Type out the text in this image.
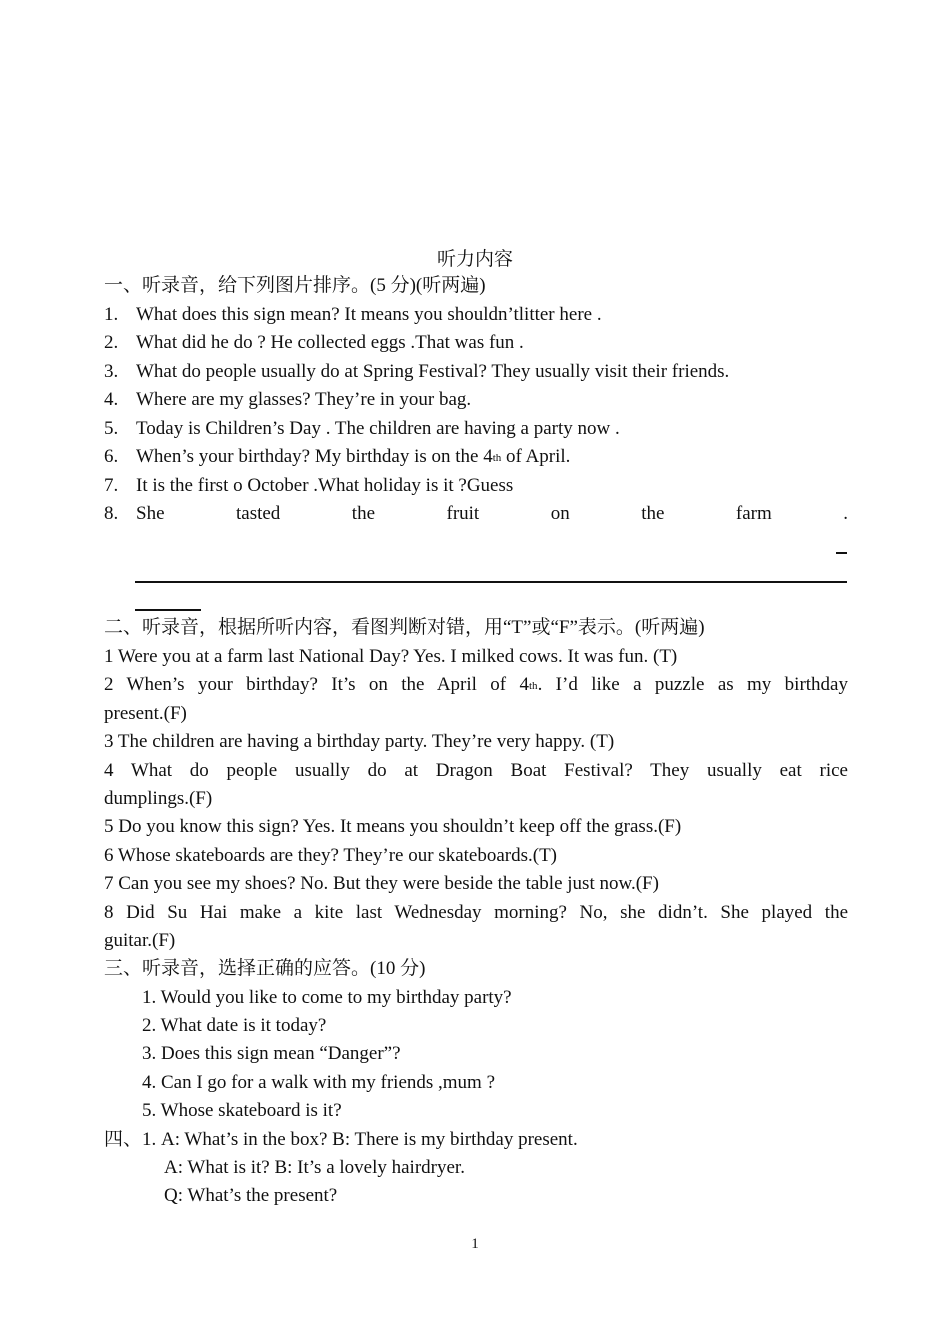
听力内容
一、听录音，给下列图片排序。(5 分)(听两遍)
1. What does this sign mean? It means you shouldn’tlitter here .
2. What did he do ? He collected eggs .That was fun .
3. What do people usually do at Spring Festival? They usually visit their friends.
4. Where are my glasses? They’re in your bag.
5. Today is Children’s Day . The children are having a party now .
6. When’s your birthday? My birthday is on the 4th of April.
7. It is the first o October .What holiday is it ?Guess
8. She	tasted	the	fruit	on	the	farm	.
二、听录音，根据所听内容，看图判断对错，用“T”或“F”表示。(听两遍)
1 Were you at a farm last National Day? Yes. I milked cows. It was fun. (T)
2 When’s your birthday? It’s on the April of 4th. I’d like a puzzle as my birthday
present.(F)
3 The children are having a birthday party. They’re very happy. (T)
4 What do people usually do at Dragon Boat Festival? They usually eat rice
dumplings.(F)
5 Do you know this sign? Yes. It means you shouldn’t keep off the grass.(F)
6 Whose skateboards are they? They’re our skateboards.(T)
7 Can you see my shoes? No. But they were beside the table just now.(F)
8 Did Su Hai make a kite last Wednesday morning? No, she didn’t. She played the
guitar.(F)
三、听录音，选择正确的应答。(10 分)
1. Would you like to come to my birthday party?
2. What date is it today?
3. Does this sign mean “Danger”?
4. Can I go for a walk with my friends ,mum ?
5. Whose skateboard is it?
四、1. A: What’s in the box? B: There is my birthday present.
A: What is it? B: It’s a lovely hairdryer.
Q: What’s the present?
1
